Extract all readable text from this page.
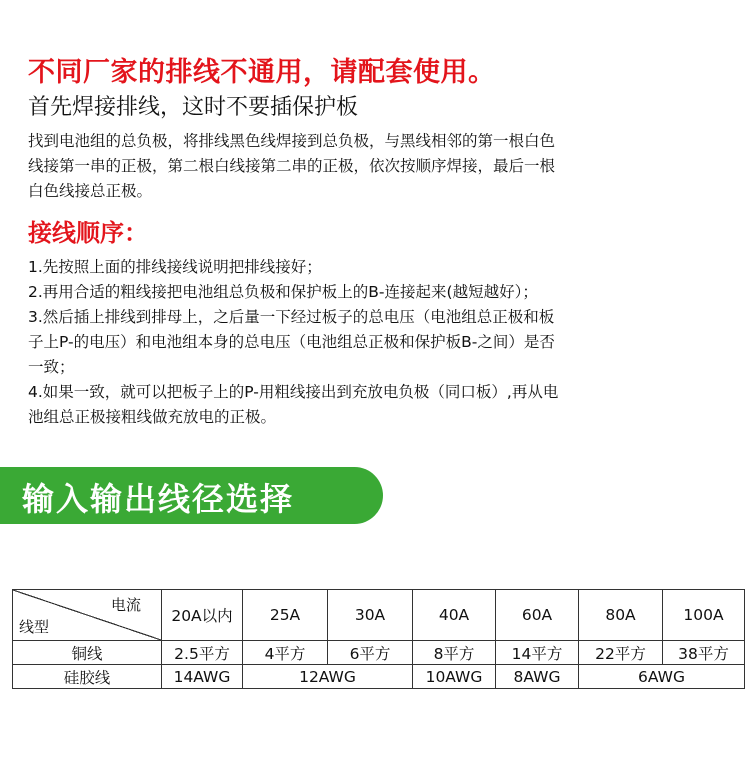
不同厂家的排线不通用，请配套使用。
首先焊接排线，这时不要插保护板
找到电池组的总负极，将排线黑色线焊接到总负极，与黑线相邻的第一根白色
线接第一串的正极，第二根白线接第二串的正极，依次按顺序焊接，最后一根
白色线接总正极。
接线顺序：
1.先按照上面的排线接线说明把排线接好；
2.再用合适的粗线接把电池组总负极和保护板上的B-连接起来(越短越好）；
3.然后插上排线到排母上，之后量一下经过板子的总电压（电池组总正极和板
子上P-的电压）和电池组本身的总电压（电池组总正极和保护板B-之间）是否
一致；
4.如果一致，就可以把板子上的P-用粗线接出到充放电负极（同口板）,再从电
池组总正极接粗线做充放电的正极。
输入输出线径选择
电流
线型	20A以内	25A	30A	40A	60A	80A	100A
铜线	2.5平方	4平方	6平方	8平方	14平方	22平方	38平方
硅胶线	14AWG	12AWG		10AWG	8AWG	6AWG	
